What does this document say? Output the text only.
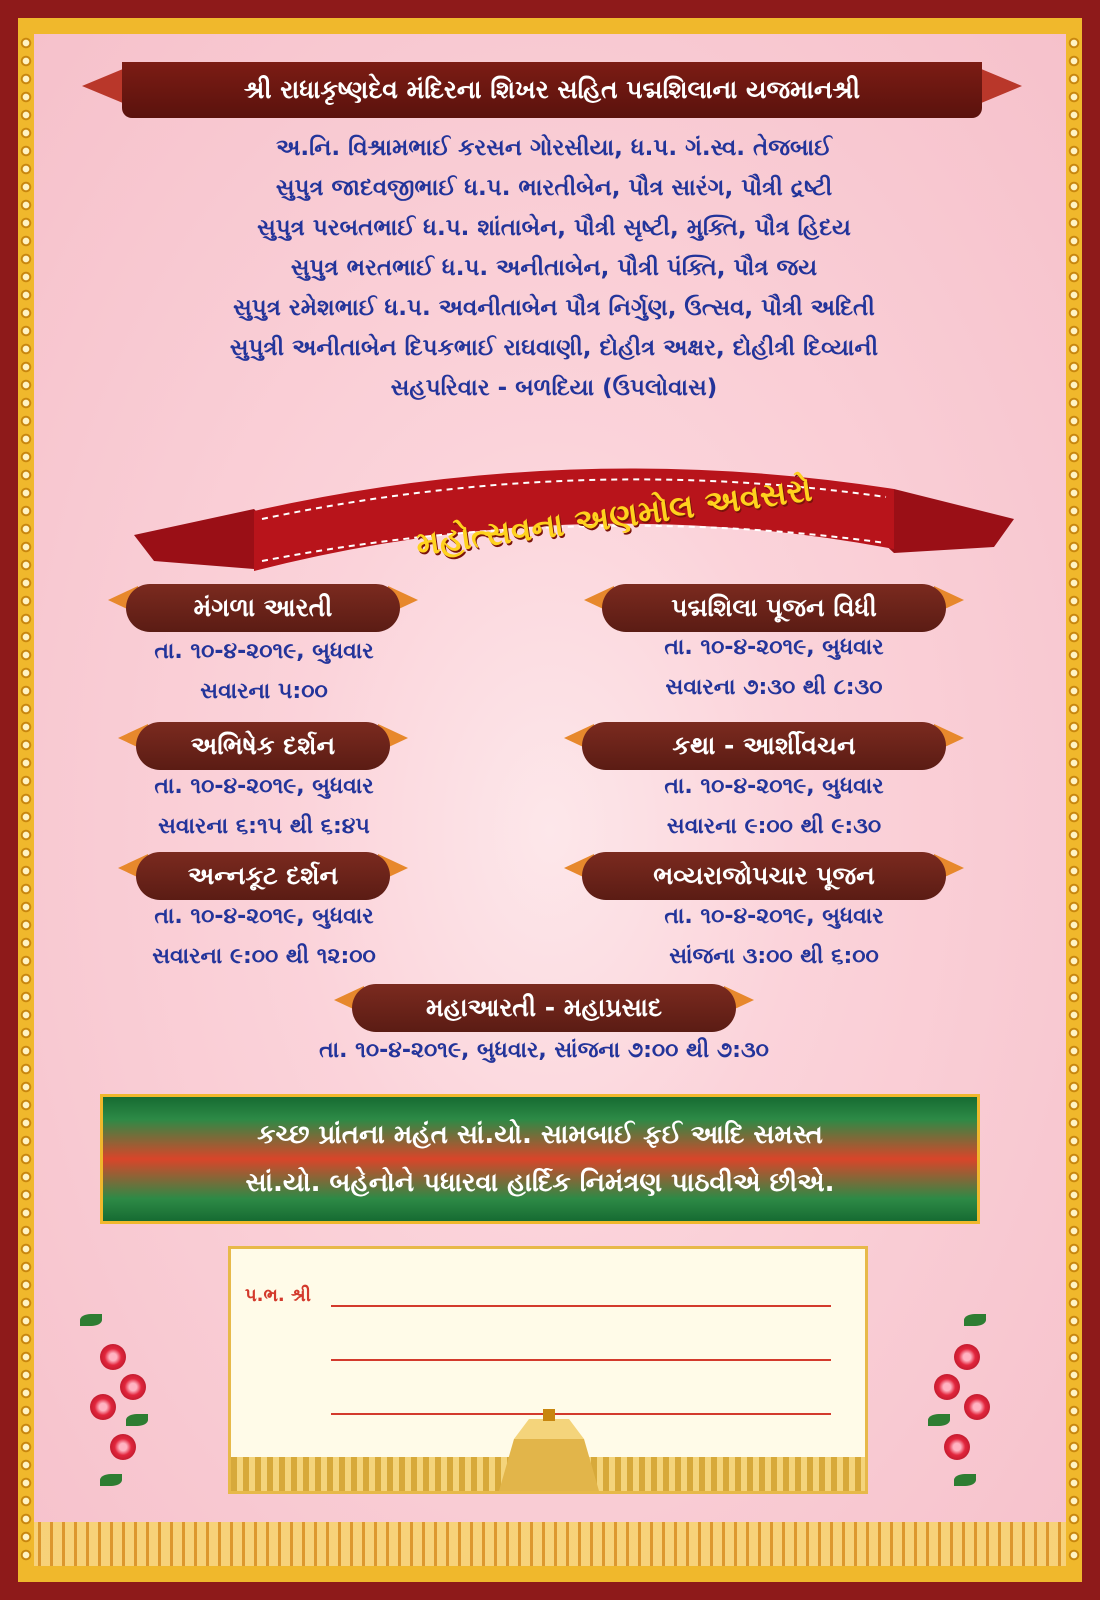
શ્રી રાધાકૃષ્ણદેવ મંદિરના શિખર સહિત પદ્મશિલાના યજમાનશ્રી
અ.નિ. વિશ્રામભાઈ કરસન ગોરસીયા, ધ.પ. ગં.સ્વ. તેજબાઈ
સુપુત્ર જાદવજીભાઈ ધ.પ. ભારતીબેન, પૌત્ર સારંગ, પૌત્રી દ્રષ્ટી
સુપુત્ર પરબતભાઈ ધ.પ. શાંતાબેન, પૌત્રી સૃષ્ટી, મુક્તિ, પૌત્ર હિદય
સુપુત્ર ભરતભાઈ ધ.પ. અનીતાબેન, પૌત્રી પંક્તિ, પૌત્ર જય
સુપુત્ર રમેશભાઈ ધ.પ. અવનીતાબેન પૌત્ર નિર્ગુણ, ઉત્સવ, પૌત્રી અદિતી
સુપુત્રી અનીતાબેન દિપકભાઈ રાઘવાણી, દોહીત્ર અક્ષર, દોહીત્રી દિવ્યાની
સહપરિવાર - બળદિયા (ઉપલોવાસ)
મહોત્સવના અણમોલ અવસરો
મંગળા આરતી
તા. ૧૦-૪-૨૦૧૯, બુધવાર
સવારના ૫:૦૦
પદ્મશિલા પૂજન વિધી
તા. ૧૦-૪-૨૦૧૯, બુધવાર
સવારના ૭:૩૦ થી ૮:૩૦
અભિષેક દર્શન
તા. ૧૦-૪-૨૦૧૯, બુધવાર
સવારના ૬:૧૫ થી ૬:૪૫
કથા - આર્શીવચન
તા. ૧૦-૪-૨૦૧૯, બુધવાર
સવારના ૯:૦૦ થી ૯:૩૦
અન્નકૂટ દર્શન
તા. ૧૦-૪-૨૦૧૯, બુધવાર
સવારના ૯:૦૦ થી ૧૨:૦૦
ભવ્યરાજોપચાર પૂજન
તા. ૧૦-૪-૨૦૧૯, બુધવાર
સાંજના ૩:૦૦ થી ૬:૦૦
મહાઆરતી - મહાપ્રસાદ
તા. ૧૦-૪-૨૦૧૯, બુધવાર, સાંજના ૭:૦૦ થી ૭:૩૦
કચ્છ પ્રાંતના મહંત સાં.યો. સામબાઈ ફઈ આદિ સમસ્ત
સાં.યો. બહેનોને પધારવા હાર્દિક નિમંત્રણ પાઠવીએ છીએ.
પ.ભ. શ્રી
